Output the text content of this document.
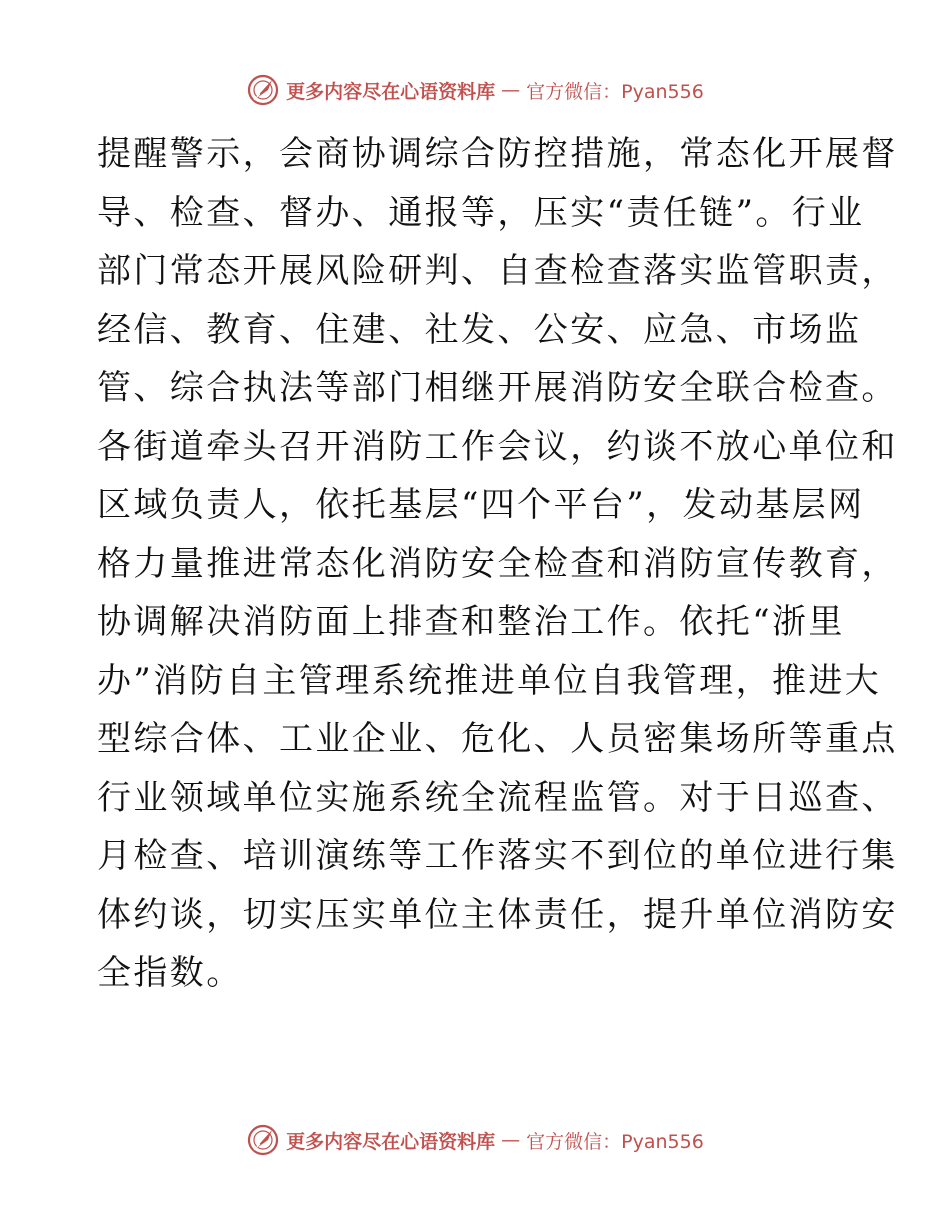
更多内容尽在心语资料库 — 官方微信：Pyan556
提醒警示，会商协调综合防控措施，常态化开展督
导、检查、督办、通报等，压实“责任链”。行业
部门常态开展风险研判、自查检查落实监管职责，
经信、教育、住建、社发、公安、应急、市场监
管、综合执法等部门相继开展消防安全联合检查。
各街道牵头召开消防工作会议，约谈不放心单位和
区域负责人，依托基层“四个平台”，发动基层网
格力量推进常态化消防安全检查和消防宣传教育，
协调解决消防面上排查和整治工作。依托“浙里
办”消防自主管理系统推进单位自我管理，推进大
型综合体、工业企业、危化、人员密集场所等重点
行业领域单位实施系统全流程监管。对于日巡查、
月检查、培训演练等工作落实不到位的单位进行集
体约谈，切实压实单位主体责任，提升单位消防安
全指数。
更多内容尽在心语资料库 — 官方微信：Pyan556
